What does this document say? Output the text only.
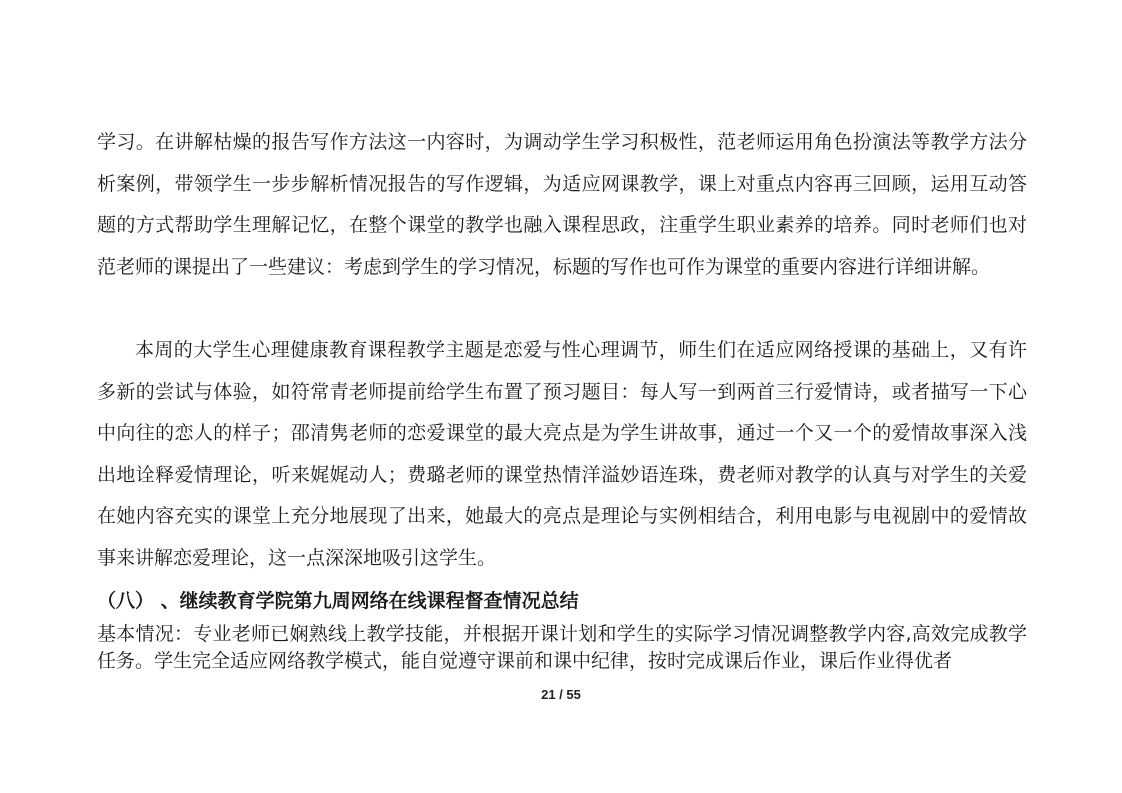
学习。在讲解枯燥的报告写作方法这一内容时，为调动学生学习积极性，范老师运用角色扮演法等教学方法分析案例，带领学生一步步解析情况报告的写作逻辑，为适应网课教学，课上对重点内容再三回顾，运用互动答题的方式帮助学生理解记忆，在整个课堂的教学也融入课程思政，注重学生职业素养的培养。同时老师们也对范老师的课提出了一些建议：考虑到学生的学习情况，标题的写作也可作为课堂的重要内容进行详细讲解。

本周的大学生心理健康教育课程教学主题是恋爱与性心理调节，师生们在适应网络授课的基础上，又有许多新的尝试与体验，如符常青老师提前给学生布置了预习题目：每人写一到两首三行爱情诗，或者描写一下心中向往的恋人的样子；邵清隽老师的恋爱课堂的最大亮点是为学生讲故事，通过一个又一个的爱情故事深入浅出地诠释爱情理论，听来娓娓动人；费璐老师的课堂热情洋溢妙语连珠，费老师对教学的认真与对学生的关爱在她内容充实的课堂上充分地展现了出来，她最大的亮点是理论与实例相结合，利用电影与电视剧中的爱情故事来讲解恋爱理论，这一点深深地吸引这学生。

（八） 、继续教育学院第九周网络在线课程督查情况总结

基本情况：专业老师已娴熟线上教学技能，并根据开课计划和学生的实际学习情况调整教学内容,高效完成教学任务。学生完全适应网络教学模式，能自觉遵守课前和课中纪律，按时完成课后作业，课后作业得优者

21 / 55
